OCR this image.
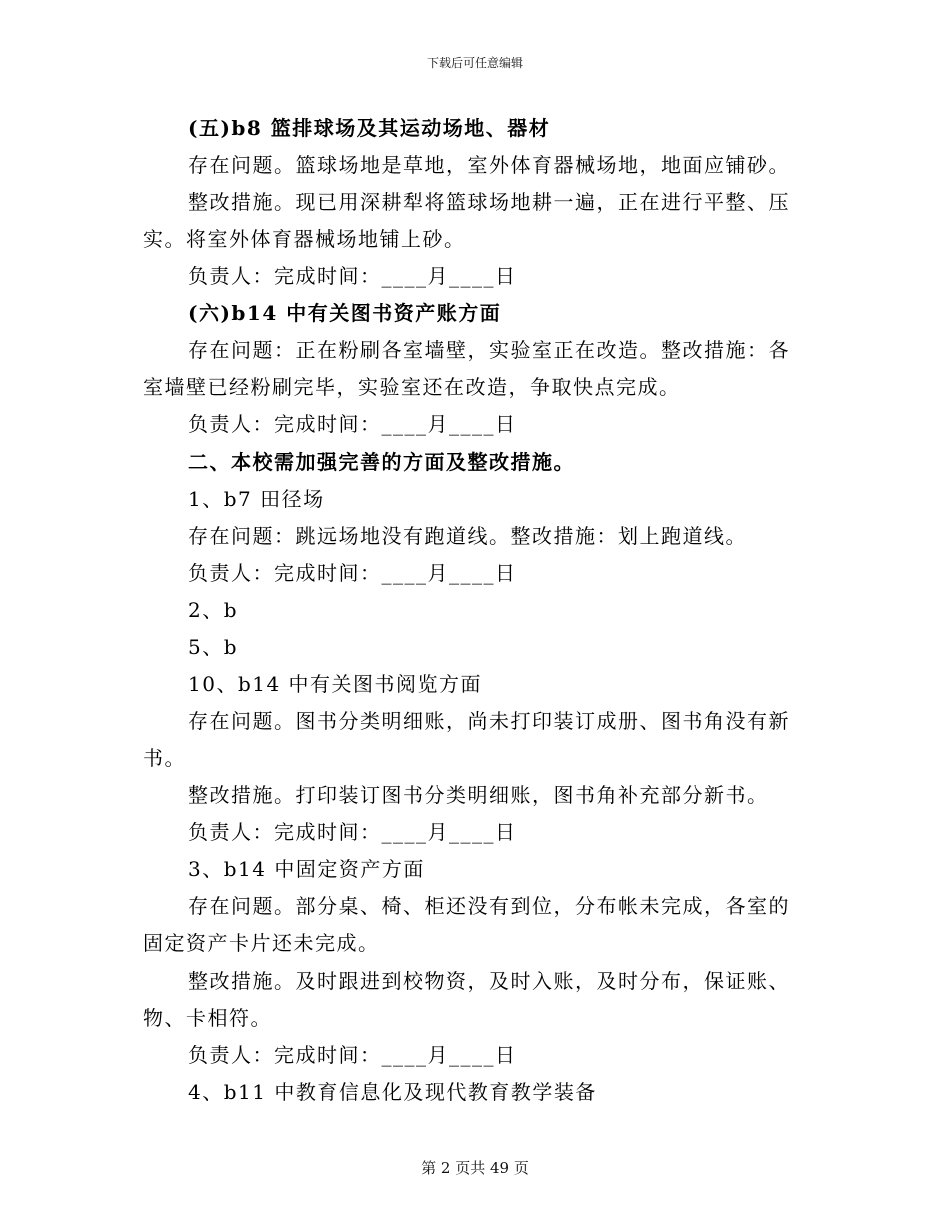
下载后可任意编辑
(五)b8 篮排球场及其运动场地、器材
存在问题。篮球场地是草地，室外体育器械场地，地面应铺砂。
整改措施。现已用深耕犁将篮球场地耕一遍，正在进行平整、压
实。将室外体育器械场地铺上砂。
负责人：完成时间：____月____日
(六)b14 中有关图书资产账方面
存在问题：正在粉刷各室墙壁，实验室正在改造。整改措施：各
室墙壁已经粉刷完毕，实验室还在改造，争取快点完成。
负责人：完成时间：____月____日
二、本校需加强完善的方面及整改措施。
1、b7 田径场
存在问题：跳远场地没有跑道线。整改措施：划上跑道线。
负责人：完成时间：____月____日
2、b
5、b
10、b14 中有关图书阅览方面
存在问题。图书分类明细账，尚未打印装订成册、图书角没有新
书。
整改措施。打印装订图书分类明细账，图书角补充部分新书。
负责人：完成时间：____月____日
3、b14 中固定资产方面
存在问题。部分桌、椅、柜还没有到位，分布帐未完成，各室的
固定资产卡片还未完成。
整改措施。及时跟进到校物资，及时入账，及时分布，保证账、
物、卡相符。
负责人：完成时间：____月____日
4、b11 中教育信息化及现代教育教学装备
第 2 页共 49 页
